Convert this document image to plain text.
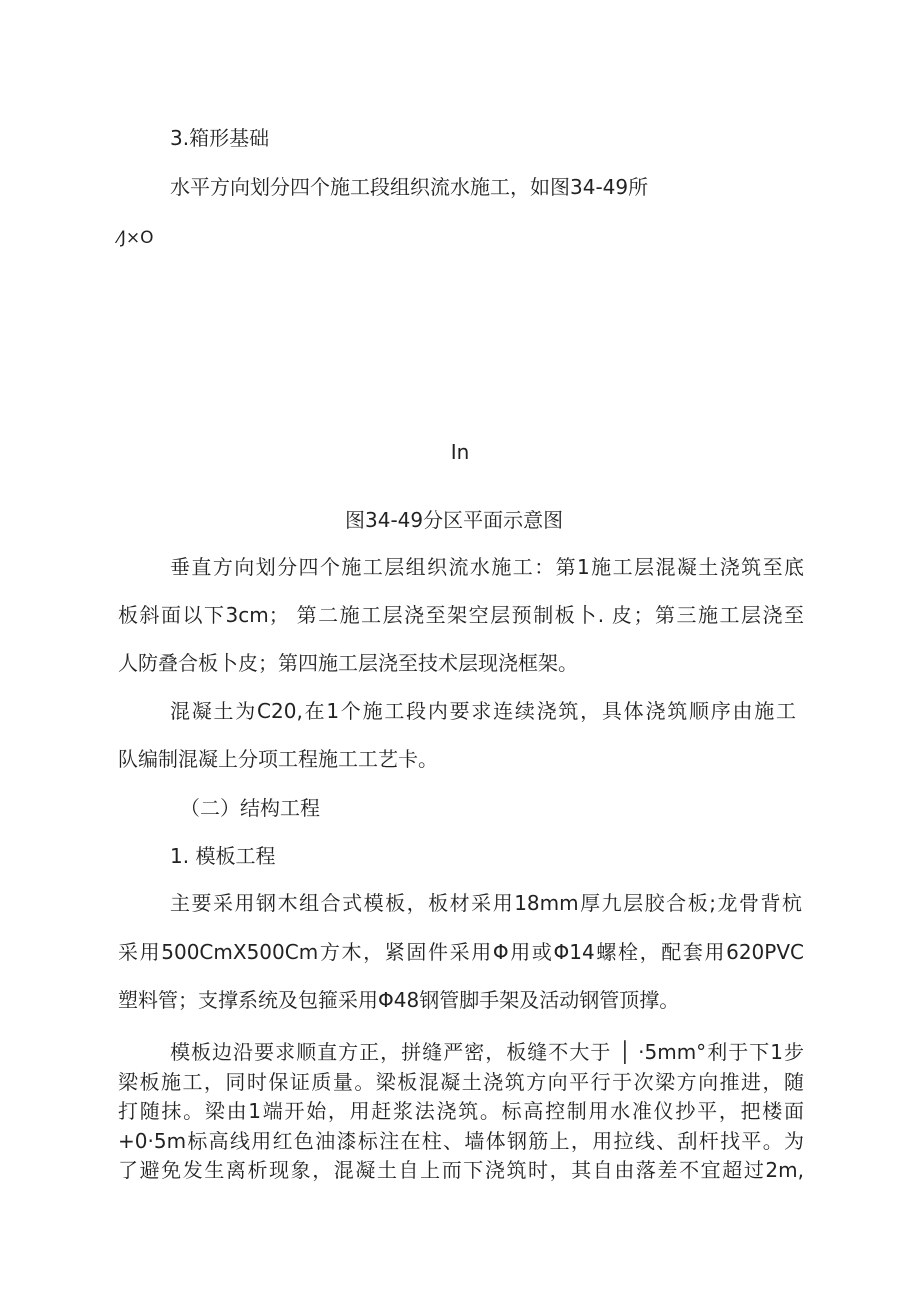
3.箱形基础
水平方向划分四个施工段组织流水施工，如图34-49所
⁄J×O
In
图34-49分区平面示意图
垂直方向划分四个施工层组织流水施工：第1施工层混凝土浇筑至底
板斜面以下3cm； 第二施工层浇至架空层预制板卜. 皮；第三施工层浇至
人防叠合板卜皮；第四施工层浇至技术层现浇框架。
混凝土为C20,在1个施工段内要求连续浇筑，具体浇筑顺序由施工
队编制混凝上分项工程施工工艺卡。
（二）结构工程
1. 模板工程
主要采用钢木组合式模板，板材采用18mm厚九层胶合板;龙骨背杭
采用500CmX500Cm方木，紧固件采用Φ用或Φ14螺栓，配套用620PVC
塑料管；支撑系统及包箍采用Φ48钢管脚手架及活动钢管顶撑。
模板边沿要求顺直方正，拼缝严密，板缝不大于 │ ·5mm°利于下1步
梁板施工，同时保证质量。梁板混凝土浇筑方向平行于次梁方向推进，随
打随抹。梁由1端开始，用赶浆法浇筑。标高控制用水准仪抄平，把楼面
+0·5m标高线用红色油漆标注在柱、墙体钢筋上，用拉线、刮杆找平。为
了避免发生离析现象，混凝土自上而下浇筑时，其自由落差不宜超过2m,
